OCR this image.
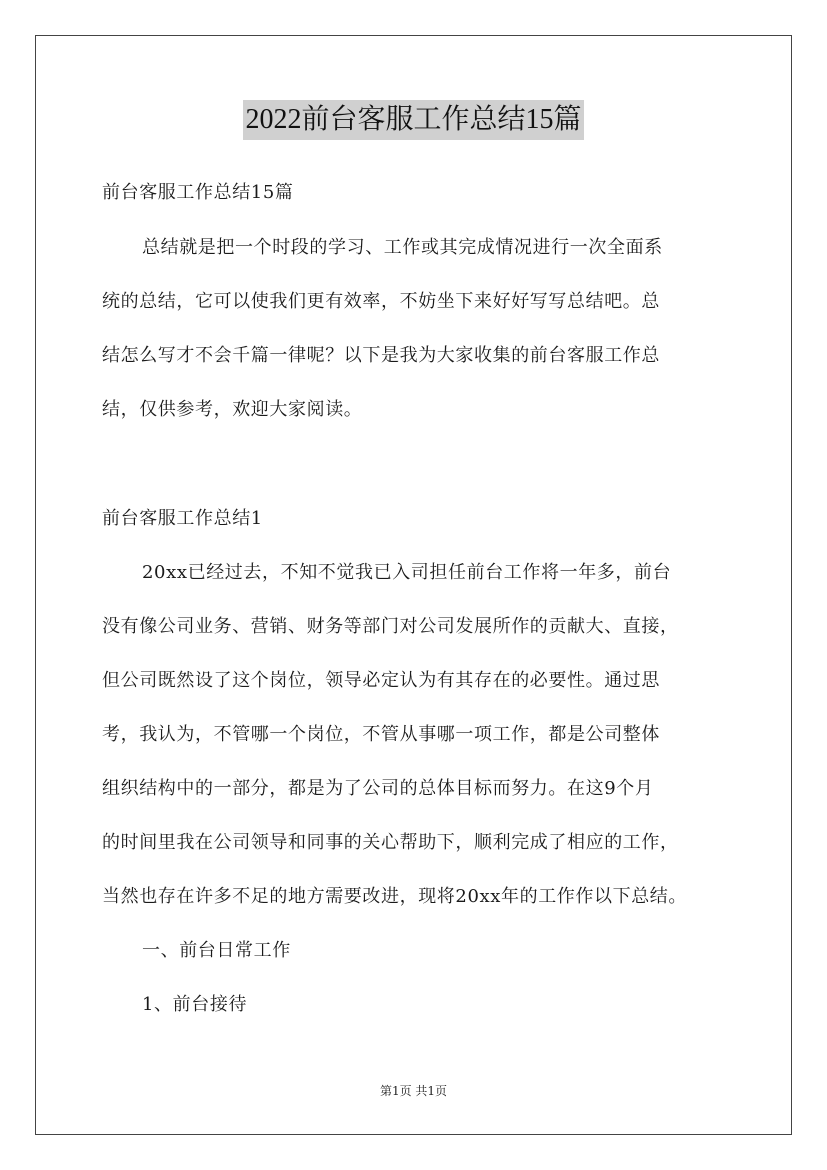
2022前台客服工作总结15篇
前台客服工作总结15篇
总结就是把一个时段的学习、工作或其完成情况进行一次全面系
统的总结，它可以使我们更有效率，不妨坐下来好好写写总结吧。总
结怎么写才不会千篇一律呢？以下是我为大家收集的前台客服工作总
结，仅供参考，欢迎大家阅读。
前台客服工作总结1
20xx已经过去，不知不觉我已入司担任前台工作将一年多，前台
没有像公司业务、营销、财务等部门对公司发展所作的贡献大、直接，
但公司既然设了这个岗位，领导必定认为有其存在的必要性。通过思
考，我认为，不管哪一个岗位，不管从事哪一项工作，都是公司整体
组织结构中的一部分，都是为了公司的总体目标而努力。在这9个月
的时间里我在公司领导和同事的关心帮助下，顺利完成了相应的工作，
当然也存在许多不足的地方需要改进，现将20xx年的工作作以下总结。
一、前台日常工作
1、前台接待
第1页 共1页
